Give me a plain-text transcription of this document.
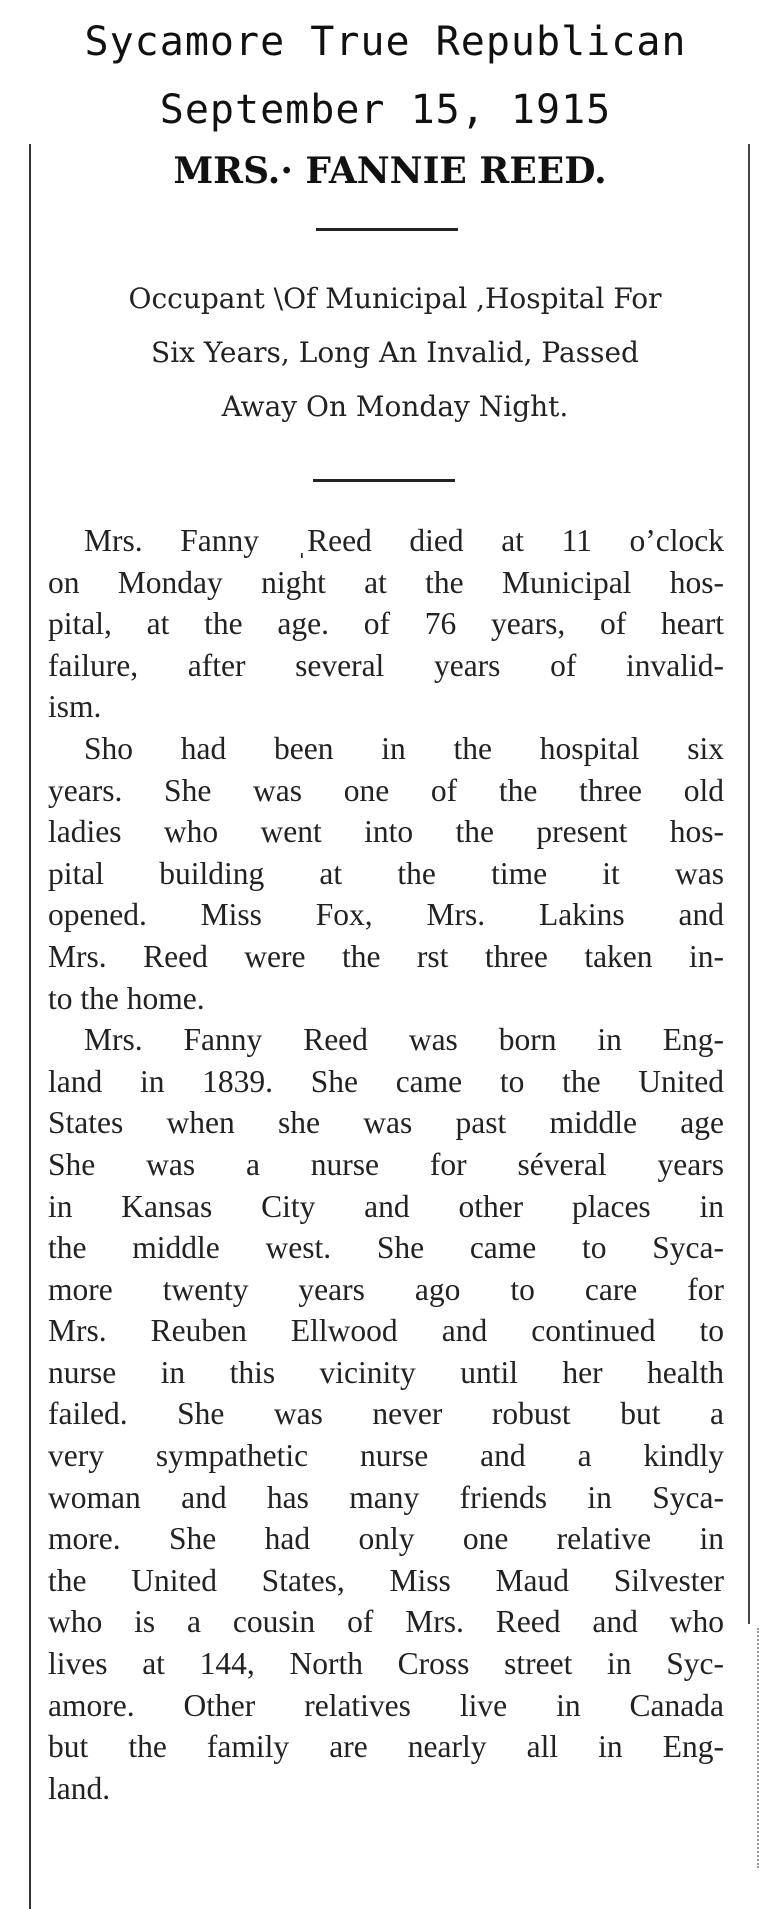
Sycamore True Republican
September 15, 1915
MRS.· FANNIE REED.
Occupant \Of Municipal ,Hospital For
Six Years, Long An Invalid, Passed
Away On Monday Night.

Mrs. Fanny ˌReed died at 11 o’clock
on Monday night at the Municipal hos-
pital, at the age. of 76 years, of heart
failure, after several years of invalid-
ism.

Sho had been in the hospital six
years. She was one of the three old
ladies who went into the present hos-
pital building at the time it was
opened. Miss Fox, Mrs. Lakins and
Mrs. Reed were the rst three taken in-
to the home.

Mrs. Fanny Reed was born in Eng-
land in 1839. She came to the United
States when she was past middle age
She was a nurse for séveral years
in Kansas City and other places in
the middle west. She came to Syca-
more twenty years ago to care for
Mrs. Reuben Ellwood and continued to
nurse in this vicinity until her health
failed. She was never robust but a
very sympathetic nurse and a kindly
woman and has many friends in Syca-
more. She had only one relative in
the United States, Miss Maud Silvester
who is a cousin of Mrs. Reed and who
lives at 144, North Cross street in Syc-
amore. Other relatives live in Canada
but the family are nearly all in Eng-
land.
